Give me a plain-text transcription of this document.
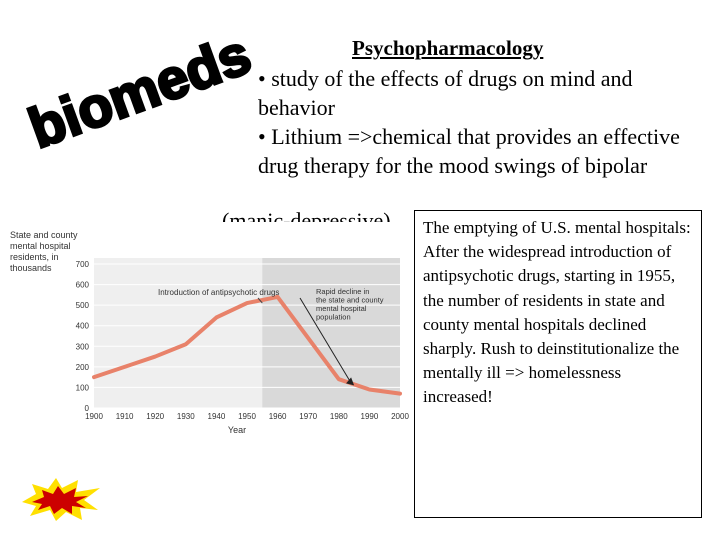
biomeds	Psychopharmacology

• study of the effects of drugs on mind and behavior

• Lithium =>chemical that provides an effective drug therapy for the mood swings of bipolar

(manic-depressive)
State and county mental hospital residents, in thousands
0
100
200
300
400
500
600
700
1900 1910 1920 1930 1940 1950 1960 1970 1980 1990 2000
Introduction of antipsychotic drugs	Rapid decline in the state and county mental hospital population
Year
The emptying of U.S. mental hospitals: After the widespread introduction of antipsychotic drugs, starting in 1955, the number of residents in state and county mental hospitals declined sharply. Rush to deinstitutionalize the mentally ill => homelessness increased!
